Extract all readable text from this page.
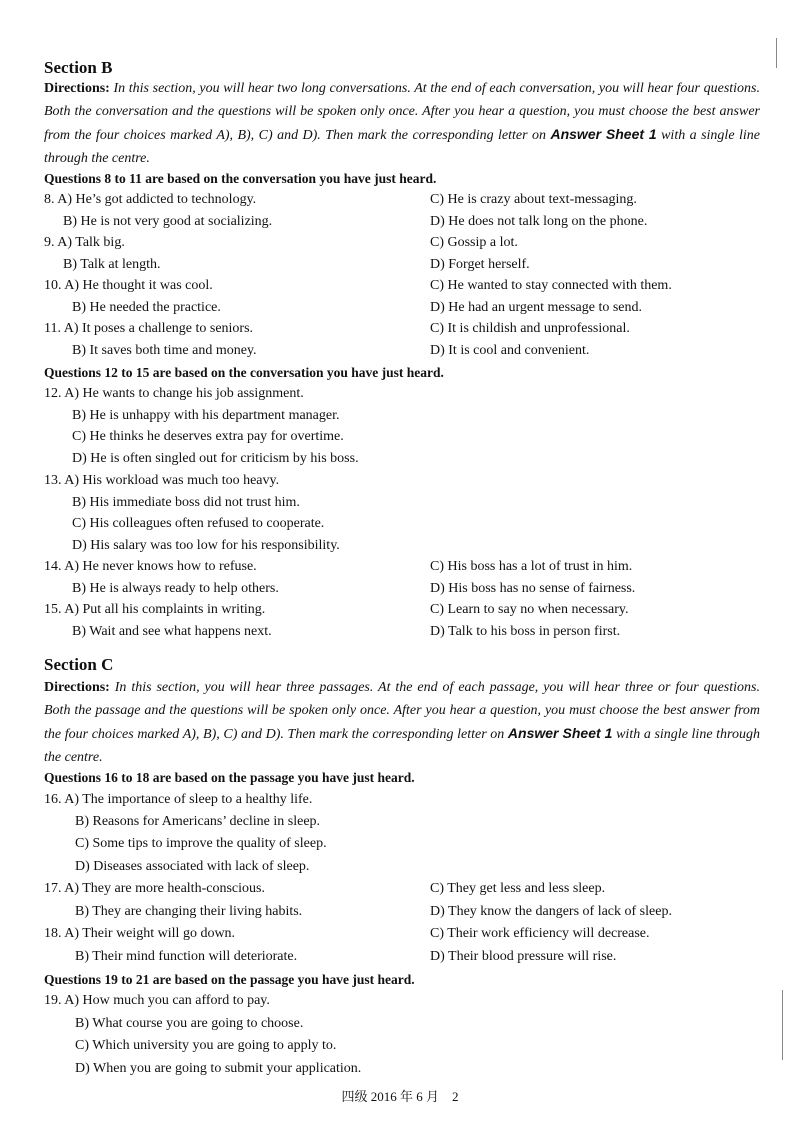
Section B
Directions: In this section, you will hear two long conversations. At the end of each conversation, you will hear four questions. Both the conversation and the questions will be spoken only once. After you hear a question, you must choose the best answer from the four choices marked A), B), C) and D). Then mark the corresponding letter on Answer Sheet 1 with a single line through the centre.
Questions 8 to 11 are based on the conversation you have just heard.
8. A) He’s got addicted to technology.	C) He is crazy about text-messaging.
B) He is not very good at socializing.	D) He does not talk long on the phone.
9. A) Talk big.	C) Gossip a lot.
B) Talk at length.	D) Forget herself.
10. A) He thought it was cool.	C) He wanted to stay connected with them.
B) He needed the practice.	D) He had an urgent message to send.
11. A) It poses a challenge to seniors.	C) It is childish and unprofessional.
B) It saves both time and money.	D) It is cool and convenient.
Questions 12 to 15 are based on the conversation you have just heard.
12. A) He wants to change his job assignment.
B) He is unhappy with his department manager.
C) He thinks he deserves extra pay for overtime.
D) He is often singled out for criticism by his boss.
13. A) His workload was much too heavy.
B) His immediate boss did not trust him.
C) His colleagues often refused to cooperate.
D) His salary was too low for his responsibility.
14. A) He never knows how to refuse.	C) His boss has a lot of trust in him.
B) He is always ready to help others.	D) His boss has no sense of fairness.
15. A) Put all his complaints in writing.	C) Learn to say no when necessary.
B) Wait and see what happens next.	D) Talk to his boss in person first.
Section C
Directions: In this section, you will hear three passages. At the end of each passage, you will hear three or four questions. Both the passage and the questions will be spoken only once. After you hear a question, you must choose the best answer from the four choices marked A), B), C) and D). Then mark the corresponding letter on Answer Sheet 1 with a single line through the centre.
Questions 16 to 18 are based on the passage you have just heard.
16. A) The importance of sleep to a healthy life.
B) Reasons for Americans’ decline in sleep.
C) Some tips to improve the quality of sleep.
D) Diseases associated with lack of sleep.
17. A) They are more health-conscious.	C) They get less and less sleep.
B) They are changing their living habits.	D) They know the dangers of lack of sleep.
18. A) Their weight will go down.	C) Their work efficiency will decrease.
B) Their mind function will deteriorate.	D) Their blood pressure will rise.
Questions 19 to 21 are based on the passage you have just heard.
19. A) How much you can afford to pay.
B) What course you are going to choose.
C) Which university you are going to apply to.
D) When you are going to submit your application.
四级 2016 年 6 月　2
